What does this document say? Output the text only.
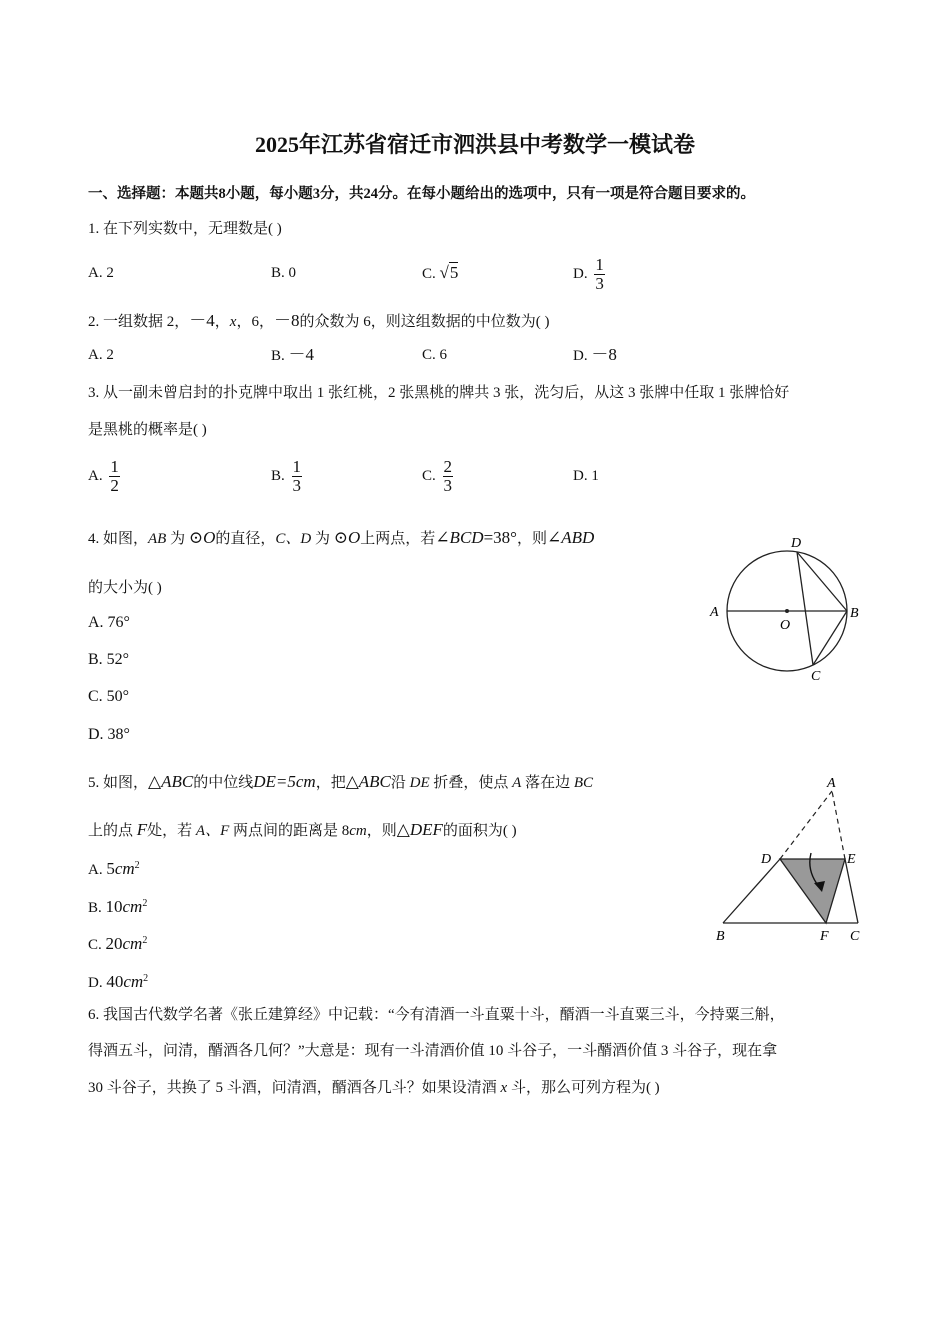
2025年江苏省宿迁市泗洪县中考数学一模试卷
一、选择题：本题共8小题，每小题3分，共24分。在每小题给出的选项中，只有一项是符合题目要求的。
1. 在下列实数中，无理数是( )
A. 2	B. 0	C. √5	D. $\frac{1}{3}$
2. 一组数据 2，－4，x，6，－8的众数为 6，则这组数据的中位数为( )
A. 2	B. －4	C. 6	D. －8
3. 从一副未曾启封的扑克牌中取出 1 张红桃，2 张黑桃的牌共 3 张，洗匀后，从这 3 张牌中任取 1 张牌恰好
是黑桃的概率是( )
A. $\frac{1}{2}$	B. $\frac{1}{3}$	C. $\frac{2}{3}$	D. 1
4. 如图，AB 为 ⊙O的直径，C、D 为 ⊙O上两点，若∠BCD=38°，则∠ABD
的大小为( )
A. 76°
B. 52°
C. 50°
D. 38°
A	B
C
D
O
5. 如图，△ABC的中位线DE=5cm，把△ABC沿 DE 折叠，使点 A 落在边 BC
上的点 F处，若 A、F 两点间的距离是 8cm，则△DEF的面积为( )
A. $5cm^2$
B. $10cm^2$
C. $20cm^2$
D. $40cm^2$
A
D	E
B	F C
6. 我国古代数学名著《张丘建算经》中记载：“今有清酒一斗直粟十斗，醑酒一斗直粟三斗，今持粟三斛，
得酒五斗，问清，醑酒各几何？”大意是：现有一斗清酒价值 10 斗谷子，一斗醑酒价值 3 斗谷子，现在拿
30 斗谷子，共换了 5 斗酒，问清酒，醑酒各几斗？如果设清酒 x 斗，那么可列方程为( )
